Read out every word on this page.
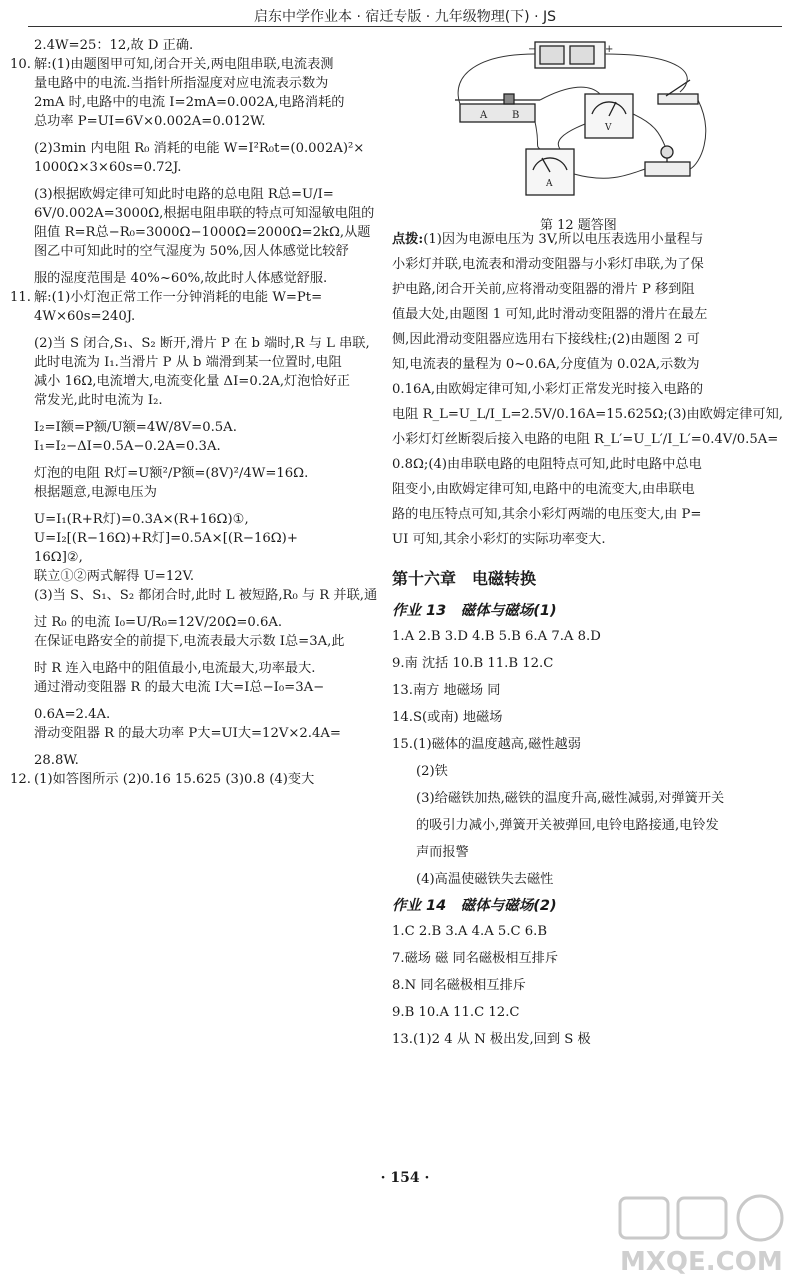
启东中学作业本 · 宿迁专版 · 九年级物理(下) · JS
2.4W=25：12,故 D 正确.
10. 解:(1)由题图甲可知,闭合开关,两电阻串联,电流表测
量电路中的电流.当指针所指湿度对应电流表示数为
2mA 时,电路中的电流 I=2mA=0.002A,电路消耗的
总功率 P=UI=6V×0.002A=0.012W.
(2)3min 内电阻 R₀ 消耗的电能 W=I²R₀t=(0.002A)²×
1000Ω×3×60s=0.72J.
(3)根据欧姆定律可知此时电路的总电阻 R总=U/I=
6V/0.002A=3000Ω,根据电阻串联的特点可知湿敏电阻的
阻值 R=R总−R₀=3000Ω−1000Ω=2000Ω=2kΩ,从题
图乙中可知此时的空气湿度为 50%,因人体感觉比较舒
服的湿度范围是 40%~60%,故此时人体感觉舒服.
11. 解:(1)小灯泡正常工作一分钟消耗的电能 W=Pt=
4W×60s=240J.
(2)当 S 闭合,S₁、S₂ 断开,滑片 P 在 b 端时,R 与 L 串联,
此时电流为 I₁.当滑片 P 从 b 端滑到某一位置时,电阻
减小 16Ω,电流增大,电流变化量 ΔI=0.2A,灯泡恰好正
常发光,此时电流为 I₂.
I₂=I额=P额/U额=4W/8V=0.5A.
I₁=I₂−ΔI=0.5A−0.2A=0.3A.
灯泡的电阻 R灯=U额²/P额=(8V)²/4W=16Ω.
根据题意,电源电压为
U=I₁(R+R灯)=0.3A×(R+16Ω)①,
U=I₂[(R−16Ω)+R灯]=0.5A×[(R−16Ω)+
16Ω]②,
联立①②两式解得 U=12V.
(3)当 S、S₁、S₂ 都闭合时,此时 L 被短路,R₀ 与 R 并联,通
过 R₀ 的电流 I₀=U/R₀=12V/20Ω=0.6A.
在保证电路安全的前提下,电流表最大示数 I总=3A,此
时 R 连入电路中的阻值最小,电流最大,功率最大.
通过滑动变阻器 R 的最大电流 I大=I总−I₀=3A−
0.6A=2.4A.
滑动变阻器 R 的最大功率 P大=UI大=12V×2.4A=
28.8W.
12. (1)如答图所示 (2)0.16 15.625 (3)0.8 (4)变大
−	+
A B
V
A
第 12 题答图
点拨:(1)因为电源电压为 3V,所以电压表选用小量程与
小彩灯并联,电流表和滑动变阻器与小彩灯串联,为了保
护电路,闭合开关前,应将滑动变阻器的滑片 P 移到阻
值最大处,由题图 1 可知,此时滑动变阻器的滑片在最左
侧,因此滑动变阻器应选用右下接线柱;(2)由题图 2 可
知,电流表的量程为 0~0.6A,分度值为 0.02A,示数为
0.16A,由欧姆定律可知,小彩灯正常发光时接入电路的
电阻 R_L=U_L/I_L=2.5V/0.16A=15.625Ω;(3)由欧姆定律可知,
小彩灯灯丝断裂后接入电路的电阻 R_L′=U_L′/I_L′=0.4V/0.5A=
0.8Ω;(4)由串联电路的电阻特点可知,此时电路中总电
阻变小,由欧姆定律可知,电路中的电流变大,由串联电
路的电压特点可知,其余小彩灯两端的电压变大,由 P=
UI 可知,其余小彩灯的实际功率变大.
第十六章　电磁转换
作业 13　磁体与磁场(1)
1.A 2.B 3.D 4.B 5.B 6.A 7.A 8.D
9.南 沈括 10.B 11.B 12.C
13.南方 地磁场 同
14.S(或南) 地磁场
15.(1)磁体的温度越高,磁性越弱
(2)铁
(3)给磁铁加热,磁铁的温度升高,磁性减弱,对弹簧开关
的吸引力减小,弹簧开关被弹回,电铃电路接通,电铃发
声而报警
(4)高温使磁铁失去磁性
作业 14　磁体与磁场(2)
1.C 2.B 3.A 4.A 5.C 6.B
7.磁场 磁 同名磁极相互排斥
8.N 同名磁极相互排斥
9.B 10.A 11.C 12.C
13.(1)2 4 从 N 极出发,回到 S 极
· 154 ·
MXQE.COM
